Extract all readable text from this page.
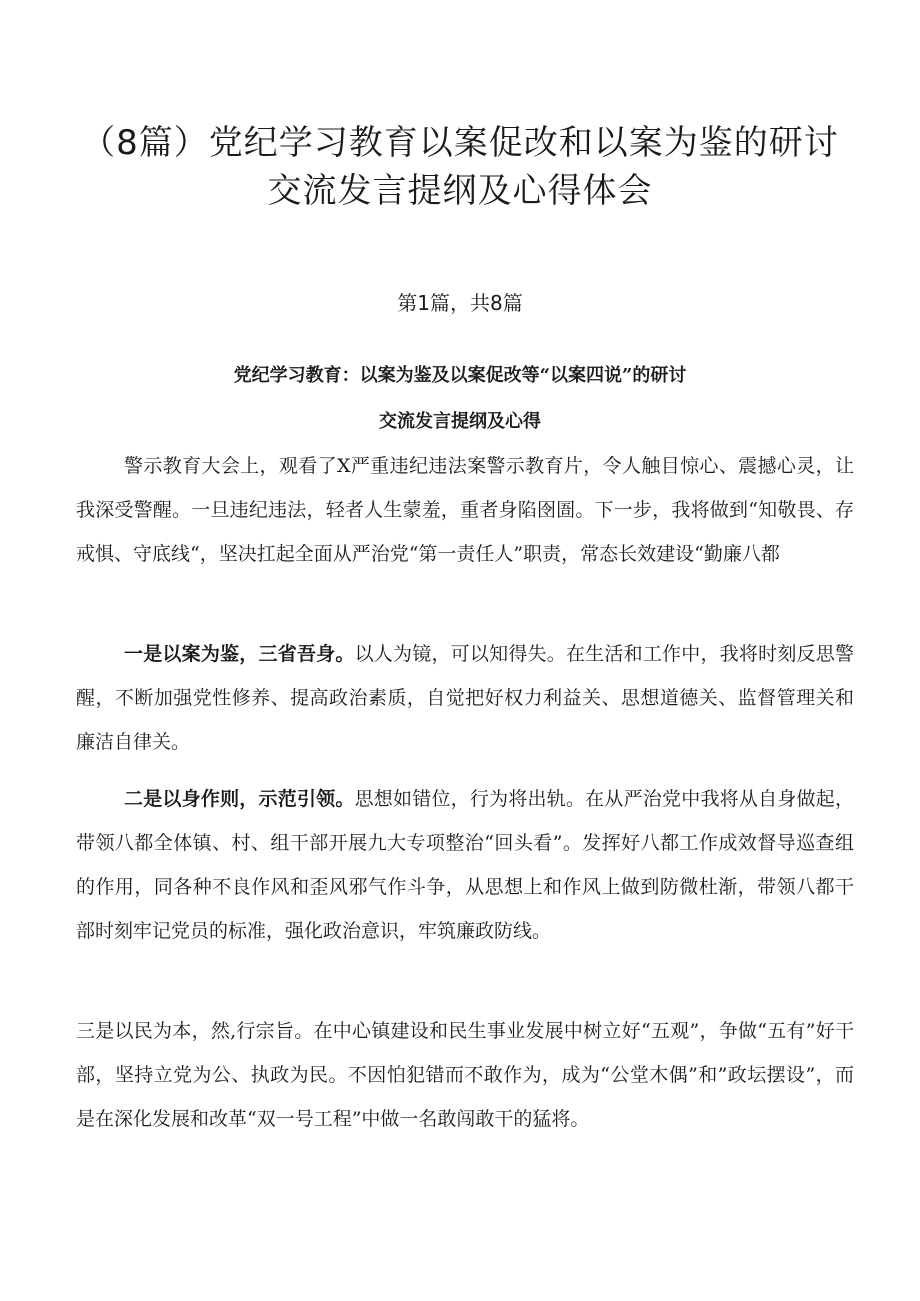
（8篇）党纪学习教育以案促改和以案为鉴的研讨
交流发言提纲及心得体会
第1篇，共8篇
党纪学习教育：以案为鉴及以案促改等“以案四说”的研讨
交流发言提纲及心得

警示教育大会上，观看了X严重违纪违法案警示教育片，令人触目惊心、震撼心灵，让我深受警醒。一旦违纪违法，轻者人生蒙羞，重者身陷囹圄。下一步，我将做到“知敬畏、存戒惧、守底线“，坚决扛起全面从严治党“第一责任人”职责，常态长效建设“勤廉八都

一是以案为鉴，三省吾身。以人为镜，可以知得失。在生活和工作中，我将时刻反思警醒，不断加强党性修养、提高政治素质，自觉把好权力利益关、思想道德关、监督管理关和廉洁自律关。

二是以身作则，示范引领。思想如错位，行为将出轨。在从严治党中我将从自身做起，带领八都全体镇、村、组干部开展九大专项整治“回头看”。发挥好八都工作成效督导巡查组的作用，同各种不良作风和歪风邪气作斗争，从思想上和作风上做到防微杜渐，带领八都干部时刻牢记党员的标准，强化政治意识，牢筑廉政防线。

三是以民为本，然,行宗旨。在中心镇建设和民生事业发展中树立好“五观”，争做“五有”好干部，坚持立党为公、执政为民。不因怕犯错而不敢作为，成为“公堂木偶”和”政坛摆设”，而是在深化发展和改革“双一号工程”中做一名敢闯敢干的猛将。
